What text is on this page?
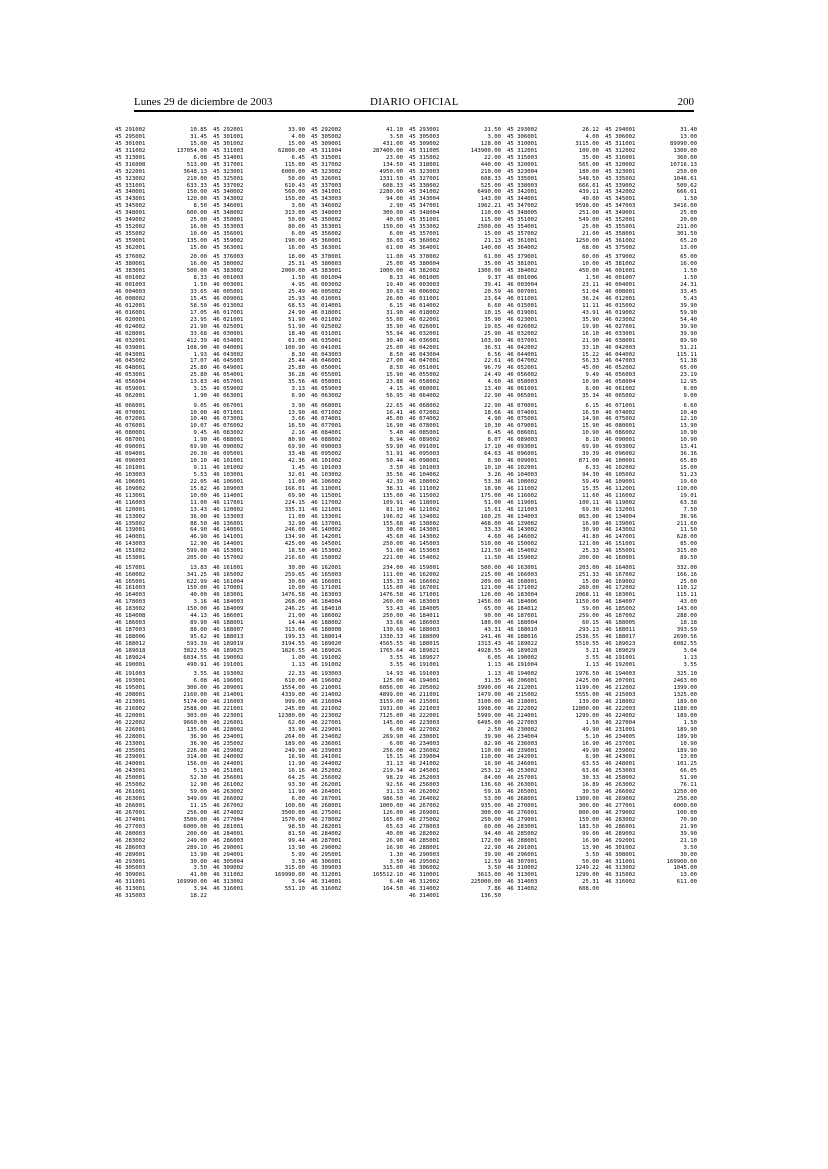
Lunes 29 de diciembre de 2003	DIARIO OFICIAL	200
45 291002	10.85 45 292001	33.90 45 292002	41.10 45 293001	21.50 45 293002	28.12 45 294001	31.40
45 295001	31.45 45 301001	4.00 45 305002	3.50 45 305003	3.00 45 306001	4.00 45 306002	13.00
45 301001	15.00 45 301002	15.00 45 309001	431.00 45 309002	128.00 45 310001	3115.00 45 311001	89990.00
45 311002	137054.00 45 311003	62800.00 45 311004	287400.00 45 311005	143900.00 45 312001	100.00 45 312002	1300.00
45 313001	6.08 45 314001	6.45 45 315001	23.00 45 315002	22.00 45 315003	35.00 45 316001	360.00
45 316008	513.00 45 317001	115.00 45 317002	134.50 45 318001	440.00 45 320001	565.00 45 320002	10716.13
45 322001	3648.13 45 323001	6000.00 45 323002	4950.00 45 323003	210.00 45 323004	180.00 45 323001	250.00
45 323002	210.00 45 325001	50.00 45 326001	1331.50 45 327001	608.33 45 335001	548.50 45 335002	1046.61
45 331001	633.33 45 337002	610.43 45 337003	608.33 45 338002	525.00 45 338003	666.61 45 339002	500.62
45 340001	150.00 45 340002	560.00 45 341001	2280.00 45 341002	6490.00 45 342001	439.11 45 342002	666.61
45 343001	120.00 45 343002	150.00 45 343003	94.00 45 343004	143.00 45 344001	40.00 45 345001	1.50
45 345002	8.50 45 346001	3.00 45 346002	2.90 45 347001	1962.21 45 347002	9598.00 45 347003	3416.00
45 348001	600.00 45 348002	313.00 45 348003	300.00 45 348004	110.00 45 348005	251.00 45 349001	25.00
45 349002	25.00 45 350001	50.00 45 350002	40.00 45 351001	115.00 45 351002	549.00 45 352001	20.00
45 352002	16.00 45 353003	80.00 45 353001	150.00 45 353002	2500.00 45 354001	25.00 45 355001	211.00
45 355002	10.00 45 356001	6.00 45 356002	6.00 45 357001	15.00 45 357002	21.00 45 358001	301.50
45 359001	135.00 45 359002	190.00 45 360001	36.03 45 360002	21.13 45 361001	1250.00 45 361002	65.20
45 362001	15.00 45 363001	16.00 45 363001	61.00 45 364001	140.00 45 364002	68.00 45 375002	13.00
45 376002	20.00 45 376003	18.00 45 378001	11.00 45 378002	61.00 45 379001	60.00 45 379002	65.00
45 380001	16.00 45 380002	25.31 45 380003	25.00 45 380004	35.00 45 381001	10.00 45 381002	16.00
45 383001	500.00 45 383002	2000.00 45 383001	1000.00 45 382002	1300.00 45 384002	450.00 46 001001	1.50
46 001002	8.33 46 001003	1.50 46 001004	8.33 46 001005	9.37 46 001006	1.50 46 001007	1.50
46 001003	1.50 46 003001	4.95 46 003002	19.40 46 003003	39.41 46 003004	23.11 46 004001	24.31
46 004003	33.65 46 005001	25.49 46 005002	30.63 46 006002	20.59 46 007001	51.04 46 008001	33.45
46 008002	15.45 46 009001	25.93 46 010001	26.00 46 011001	23.64 46 011001	36.24 46 012001	5.43
46 012001	58.50 46 013002	68.53 46 014001	6.15 46 014002	6.60 46 015001	11.11 46 015002	39.90
46 016001	17.05 46 017001	24.90 46 018001	31.90 46 018002	10.15 46 019001	43.91 46 019002	59.90
46 020001	23.95 46 021001	51.90 46 021002	55.00 46 022001	35.90 46 023001	35.90 46 023002	54.40
46 024002	21.90 46 025001	51.90 46 025002	35.90 46 026001	19.65 46 026002	19.90 46 027001	39.90
46 028001	33.68 46 030001	18.40 46 031001	55.94 46 032001	25.90 46 032002	16.10 46 033001	39.90
46 032001	412.39 46 034001	61.00 46 035001	30.40 46 036001	103.90 46 037001	21.90 46 038001	89.90
46 039001	108.90 46 040001	100.90 46 041001	25.00 46 042001	36.51 46 042002	33.10 46 042003	51.21
46 043001	1.93 46 043002	8.30 46 043003	8.50 46 043004	6.56 46 044001	15.22 46 044002	115.11
46 045002	17.07 46 045003	25.44 46 046001	27.00 46 047001	22.61 46 047002	56.33 46 047003	51.38
46 048001	25.80 46 049001	25.80 46 050001	8.50 46 051001	96.79 46 052001	45.00 46 052002	65.00
46 053001	25.80 46 054001	36.28 46 055001	15.90 46 055002	24.49 46 056002	9.49 46 056003	23.19
46 056004	13.83 46 057001	35.56 46 058001	23.88 46 058002	4.60 46 058003	10.90 46 058004	12.95
46 059001	3.15 46 059002	3.13 46 059003	4.15 46 060001	13.40 46 061001	6.00 46 061002	6.00
46 062001	1.90 46 063001	6.90 46 063002	56.95 46 064002	22.90 46 065001	35.34 46 065002	9.00
46 066001	9.05 46 067001	3.90 46 068001	22.65 46 068002	22.90 46 070001	6.15 46 071001	6.60
46 070001	10.00 46 071001	13.90 46 071002	16.41 46 072002	18.66 46 074001	16.50 46 074002	10.40
46 072001	10.40 46 073001	3.66 46 074001	45.00 46 074002	4.90 46 075001	14.90 46 075002	12.10
46 076001	10.07 46 076002	16.50 46 077001	16.90 46 078001	10.30 46 079001	15.90 46 080001	13.90
46 080001	9.45 46 083002	2.16 46 084001	5.40 46 085001	6.45 46 086001	10.90 46 086002	10.90
46 087001	1.90 46 088001	80.90 46 088002	8.94 46 089002	8.07 46 089003	8.10 46 090001	10.90
46 090001	69.90 46 090002	69.90 46 090003	59.90 46 091001	17.10 46 093001	69.90 46 093002	13.41
46 094001	20.30 46 095001	33.48 46 095002	51.91 46 095003	64.63 46 096001	39.39 46 096002	36.36
46 096003	10.10 46 101001	42.36 46 101002	50.44 46 098001	8.90 46 099001	871.00 46 100001	65.80
46 101001	9.11 46 101002	1.45 46 101003	3.50 46 101003	10.10 46 102001	6.33 46 102002	15.00
46 103003	5.53 46 103001	32.01 46 103002	35.56 46 104002	3.26 46 104003	94.30 46 105002	51.23
46 106001	22.05 46 106001	11.00 46 106002	42.39 46 108002	53.38 46 108002	59.49 46 109001	19.60
46 109002	15.82 46 109003	166.01 46 110001	38.31 46 111002	18.90 46 111002	15.35 46 112001	110.00
46 113001	10.00 46 114001	69.90 46 115001	135.00 46 115002	175.00 46 116002	11.60 46 116002	19.01
46 116003	11.00 46 117001	224.15 46 117002	109.91 46 118001	51.00 46 119001	100.11 46 119002	63.38
46 120001	13.43 46 120002	335.31 46 121001	81.10 46 121002	15.61 46 121003	69.30 46 132001	7.50
46 133002	36.00 46 133003	11.00 46 133001	196.02 46 134002	160.25 46 134003	863.00 46 134004	36.96
46 135002	88.50 46 136001	32.90 46 137001	155.68 46 138002	468.00 46 139002	16.90 46 139001	211.60
46 139001	64.90 46 140001	246.00 46 140002	30.00 46 143001	33.33 46 143002	30.90 46 143002	11.50
46 140001	46.90 46 141001	134.90 46 142001	45.60 46 143002	4.60 46 146002	41.80 46 147001	628.00
46 143003	12.90 46 144001	425.00 46 145001	250.00 46 145003	510.00 46 150002	121.00 46 151001	85.00
46 151002	599.00 46 153001	18.50 46 153002	51.00 46 153003	121.50 46 154002	25.33 46 155001	315.00
46 153001	205.00 46 157002	216.60 46 158002	221.00 46 154002	11.50 46 159002	200.00 46 160001	89.50
46 157001	13.83 46 161001	30.00 46 162001	234.00 46 159001	500.00 46 163001	203.00 46 164001	332.00
46 160002	341.25 46 165002	259.65 46 165003	111.00 46 162002	215.00 46 166003	251.33 46 167002	166.16
46 165001	622.99 46 161004	30.00 46 166001	135.33 46 166002	209.00 46 168001	15.00 46 169002	25.00
46 161003	150.00 46 170001	10.00 46 171001	115.00 46 167001	121.00 46 171002	260.00 46 172002	110.12
46 164003	40.00 46 183001	1476.58 46 183003	1476.58 46 171001	126.00 46 183004	2068.11 46 183001	115.11
46 178003	3.16 46 184003	268.00 46 184004	260.00 46 183003	1456.00 46 184006	1150.00 46 184007	43.00
46 183002	150.00 46 184009	246.25 46 184010	53.43 46 184005	65.00 46 184012	59.00 46 185002	143.00
46 184008	44.13 46 186001	21.00 46 186002	250.00 46 184011	90.00 46 187001	259.00 46 187002	288.00
46 186003	89.90 46 188001	14.44 46 188002	33.66 46 186003	180.00 46 188004	60.15 46 188005	18.18
46 187003	88.00 46 188007	313.06 46 188008	130.69 46 188003	43.31 46 188010	293.13 46 188011	393.59
46 188006	95.62 46 188013	199.33 46 188014	1330.33 46 188009	241.46 46 188016	2536.55 46 188017	2690.56
46 188012	593.39 46 189019	3194.55 46 189020	4565.55 46 188015	1313.43 46 189022	5510.55 46 189023	6082.55
46 189018	3822.55 46 189025	1826.55 46 189026	1765.64 46 189021	4928.55 46 189028	3.21 46 189029	3.04
46 189024	6034.55 46 190002	1.00 46 191002	3.55 46 189027	6.05 46 190002	3.55 46 191001	1.13
46 190001	490.91 46 191001	1.13 46 191002	3.55 46 191001	1.13 46 191004	1.13 46 192001	3.55
46 191003	3.55 46 193002	22.33 46 193003	14.93 46 191003	1.13 46 194002	1976.50 46 194003	325.10
46 193001	6.08 46 196001	610.00 46 196002	125.00 46 194001	31.35 46 206001	2425.00 46 207001	2463.00
46 195001	300.00 46 209001	1554.00 46 210001	6056.00 46 205002	3990.00 46 212001	1199.00 46 212002	1399.00
46 208001	2160.00 46 214001	4339.00 46 214002	4899.00 46 211001	1479.00 46 215002	5555.00 46 215003	1325.00
46 213001	5174.00 46 216003	999.00 46 216004	3159.00 46 215001	3100.00 46 218001	139.00 46 218002	189.00
46 216002	2588.00 46 221001	245.00 46 221002	1931.00 46 221003	1998.00 46 222002	12800.00 46 222003	1180.00
46 220001	303.00 46 223001	12380.00 46 223002	7125.00 46 222001	5999.00 46 224001	1299.00 46 224002	189.00
46 222002	9660.00 46 226001	62.00 46 227001	145.00 46 223003	6495.00 46 227003	1.50 46 227004	1.50
46 226001	135.00 46 228002	33.90 46 229001	6.00 46 227002	2.50 46 230002	49.90 46 231001	189.90
46 228001	36.90 46 234001	264.00 46 234002	269.90 46 230001	39.90 46 234004	5.10 46 234005	189.90
46 233001	36.90 46 235002	189.00 46 236001	6.00 46 234003	82.90 46 236003	16.90 46 237001	10.90
46 235001	226.00 46 239002	249.90 46 239003	256.00 46 236002	110.00 46 239001	49.90 46 239002	189.90
46 239001	314.00 46 240002	16.90 46 241001	15.15 46 239004	110.00 46 242001	6.90 46 243001	13.00
46 240001	156.00 46 244001	11.90 46 244002	31.13 46 241002	16.90 46 246001	63.53 46 248001	101.25
46 243001	5.13 46 251001	16.16 46 252002	219.34 46 245001	253.12 46 253002	63.66 46 253003	66.05
46 250001	52.30 46 256001	64.25 46 256002	98.29 46 252003	84.00 46 257001	30.33 46 258002	51.90
46 255002	12.90 46 261002	93.30 46 262001	92.56 46 256003	136.60 46 263001	16.89 46 263002	76.11
46 261001	59.00 46 263002	11.90 46 264001	31.13 46 262002	59.16 46 265001	30.50 46 266002	1250.00
46 263001	349.09 46 266002	6.00 46 267001	986.50 46 264002	53.00 46 268001	1300.00 46 269002	250.00
46 266001	11.15 46 267002	100.00 46 268001	1000.00 46 267002	935.00 46 270001	300.00 46 277001	6000.00
46 267001	256.00 46 274002	3500.00 46 275001	126.00 46 269001	300.00 46 276001	800.00 46 279002	100.00
46 274001	3500.00 46 277004	1570.00 46 278002	165.00 46 275002	250.00 46 279001	150.00 46 283002	70.90
46 277003	6000.00 46 281001	98.50 46 282001	65.63 46 278003	60.00 46 283001	183.50 46 286001	21.90
46 280003	200.00 46 284001	81.50 46 284002	40.00 46 282002	94.40 46 285002	99.00 46 289002	39.90
46 283002	249.00 46 286003	99.44 46 287001	26.90 46 285001	172.00 46 288001	16.90 46 292001	21.10
46 286003	289.10 46 290001	13.90 46 290002	16.90 46 288001	22.90 46 291001	13.90 46 301002	3.50
46 289001	13.90 46 294001	5.99 46 295001	1.30 46 290003	39.90 46 296001	3.50 46 308001	30.00
46 293001	30.00 46 305004	3.50 46 306001	3.50 46 295002	12.59 46 307001	50.00 46 311001	169900.00
46 305003	3.50 46 309002	315.00 46 309003	315.00 46 306002	3.50 46 310002	1249.22 46 313002	1045.00
46 309001	41.00 46 311002	169990.00 46 312001	165512.10 46 310001	3613.00 46 313001	1299.00 46 315002	13.00
46 311001	169990.00 46 313002	3.94 46 314001	6.40 46 312002	225000.00 46 314003	25.31 46 316002	611.00
46 313001	3.94 46 316001	551.10 46 316002	164.50 46 314002	7.86 46 314002	608.00
46 315003	18.22	46 314001	136.50
